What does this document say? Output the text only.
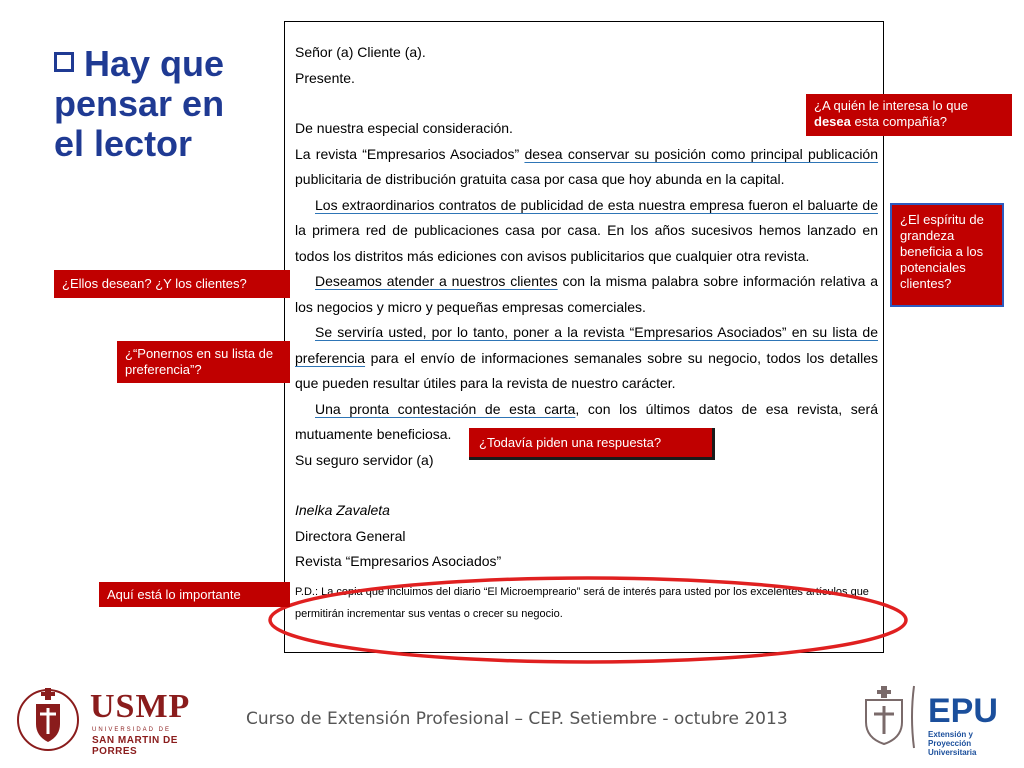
Hay que pensar en el lector

Señor (a) Cliente (a).

Presente.

De nuestra especial consideración.

La revista “Empresarios Asociados” desea conservar su posición como principal publicación publicitaria de distribución gratuita casa por casa que hoy abunda en la capital.

Los extraordinarios contratos de publicidad de esta nuestra empresa fueron el baluarte de la primera red de publicaciones casa por casa. En los años sucesivos hemos lanzado en todos los distritos más ediciones con avisos publicitarios que cualquier otra revista.

Deseamos atender a nuestros clientes con la misma palabra sobre información relativa a los negocios y micro y pequeñas empresas comerciales.

Se serviría usted, por lo tanto, poner a la revista “Empresarios Asociados” en su lista de preferencia para el envío de informaciones semanales sobre su negocio, todos los detalles que pueden resultar útiles para la revista de nuestro carácter.

Una pronta contestación de esta carta, con los últimos datos de esa revista, será mutuamente beneficiosa.

Su seguro servidor (a)

Inelka Zavaleta

Directora General

Revista “Empresarios Asociados”

P.D.: La copia que incluimos del diario “El Microempreario” será de interés para usted por los excelentes artículos que permitirán incrementar sus ventas o crecer su negocio.

¿A quién le interesa lo que desea esta compañía?
¿El espíritu de grandeza beneficia a los potenciales clientes?
¿Ellos desean? ¿Y los clientes?
¿“Ponernos en su lista de preferencia”?
¿Todavía piden una respuesta?
Aquí está lo importante
USMP
UNIVERSIDAD DE
SAN MARTIN DE PORRES
Curso de Extensión Profesional – CEP. Setiembre - octubre 2013	EPU
Extensión y Proyección
Universitaria
